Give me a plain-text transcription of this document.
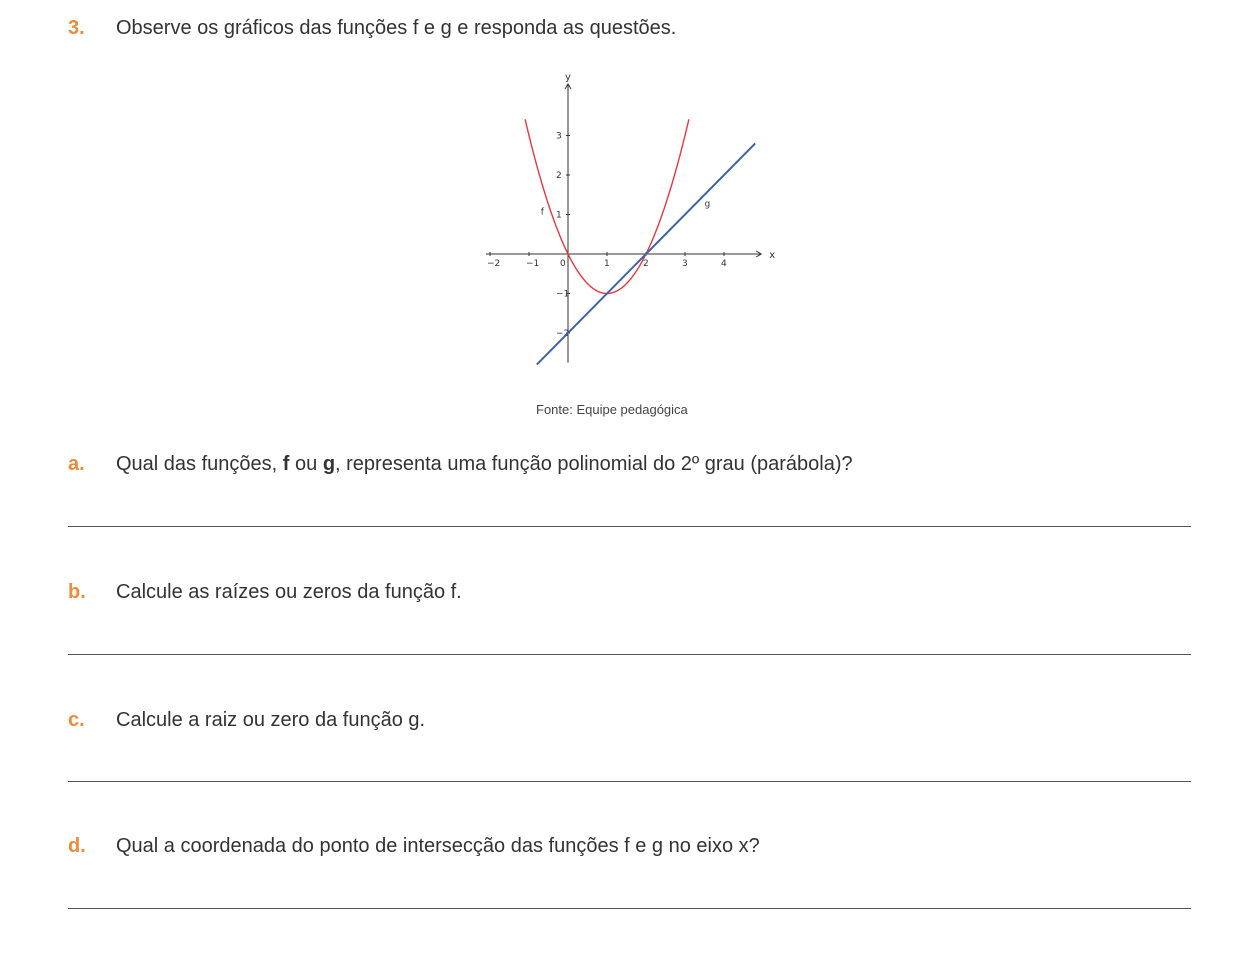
3. Observe os gráficos das funções f e g e responda as questões.
x
y
−2	−1 0	1	2	3	4
3
2
1
−1
−2
f
g
Fonte: Equipe pedagógica
a. Qual das funções, f ou g, representa uma função polinomial do 2º grau (parábola)?
b. Calcule as raízes ou zeros da função f.
c. Calcule a raiz ou zero da função g.
d. Qual a coordenada do ponto de intersecção das funções f e g no eixo x?
